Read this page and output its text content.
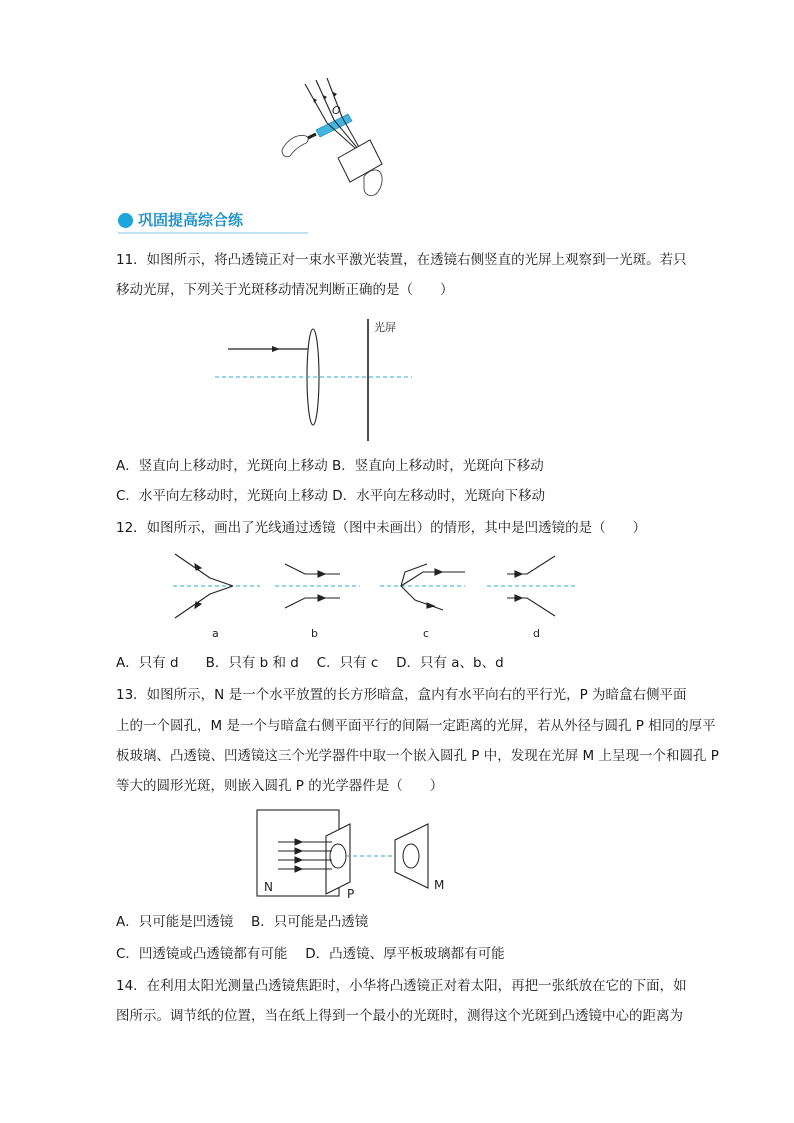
O
巩固提高综合练
11．如图所示，将凸透镜正对一束水平激光装置，在透镜右侧竖直的光屏上观察到一光斑。若只
移动光屏，下列关于光斑移动情况判断正确的是（　　）
光屏
A．竖直向上移动时，光斑向上移动 B．竖直向上移动时，光斑向下移动
C．水平向左移动时，光斑向上移动 D．水平向左移动时，光斑向下移动
12．如图所示，画出了光线通过透镜（图中未画出）的情形，其中是凹透镜的是（　　）
a	b	c	d
A．只有 d　　B．只有 b 和 d　 C．只有 c　 D．只有 a、b、d
13．如图所示，N 是一个水平放置的长方形暗盒，盒内有水平向右的平行光，P 为暗盒右侧平面
上的一个圆孔，M 是一个与暗盒右侧平面平行的间隔一定距离的光屏，若从外径与圆孔 P 相同的厚平
板玻璃、凸透镜、凹透镜这三个光学器件中取一个嵌入圆孔 P 中，发现在光屏 M 上呈现一个和圆孔 P
等大的圆形光斑，则嵌入圆孔 P 的光学器件是（　　）
N	P
M
A．只可能是凹透镜　 B．只可能是凸透镜
C．凹透镜或凸透镜都有可能　 D．凸透镜、厚平板玻璃都有可能
14．在利用太阳光测量凸透镜焦距时，小华将凸透镜正对着太阳，再把一张纸放在它的下面，如
图所示。调节纸的位置，当在纸上得到一个最小的光斑时，测得这个光斑到凸透镜中心的距离为
